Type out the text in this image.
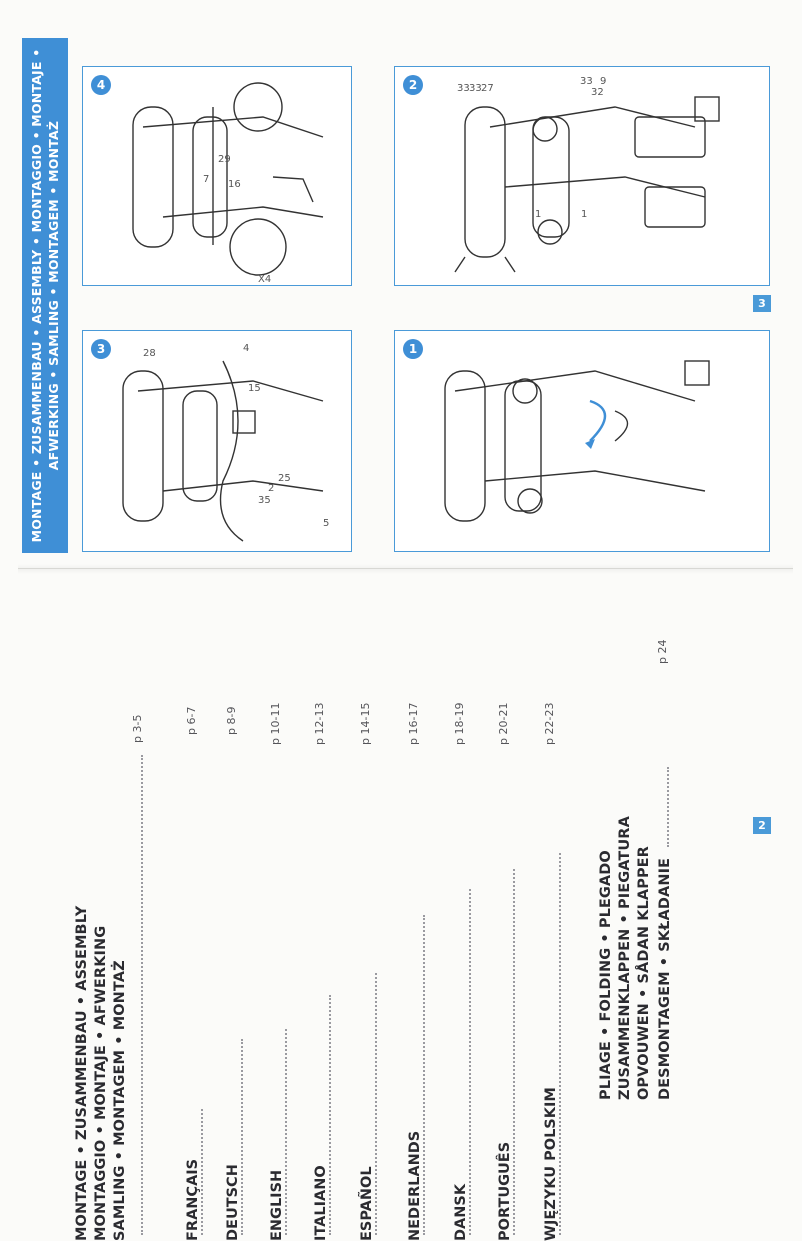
MONTAGE • ZUSAMMENBAU • ASSEMBLY • MONTAGGIO • MONTAJE • AFWERKING • SAMLING • MONTAGEM • MONTAŻ
32
33 9
33 33 27
1	1
2
1
16
29
7
X4
4
15
5
25
2
28
35
4
3
3
MONTAGE • ZUSAMMENBAU • ASSEMBLY MONTAGGIO • MONTAJE • AFWERKING SAMLING • MONTAGEM • MONTAŻ
p 3-5
FRANÇAIS
p 6-7
DEUTSCH
p 8-9
ENGLISH
p 10-11
ITALIANO
p 12-13
ESPAÑOL
p 14-15
NEDERLANDS
p 16-17
DANSK
p 18-19
PORTUGUÊS
p 20-21
WJĘZYKU POLSKIM
p 22-23
PLIAGE • FOLDING • PLEGADO ZUSAMMENKLAPPEN • PIEGATURA OPVOUWEN • SÅDAN KLAPPER DESMONTAGEM • SKŁADANIE
p 24
2
